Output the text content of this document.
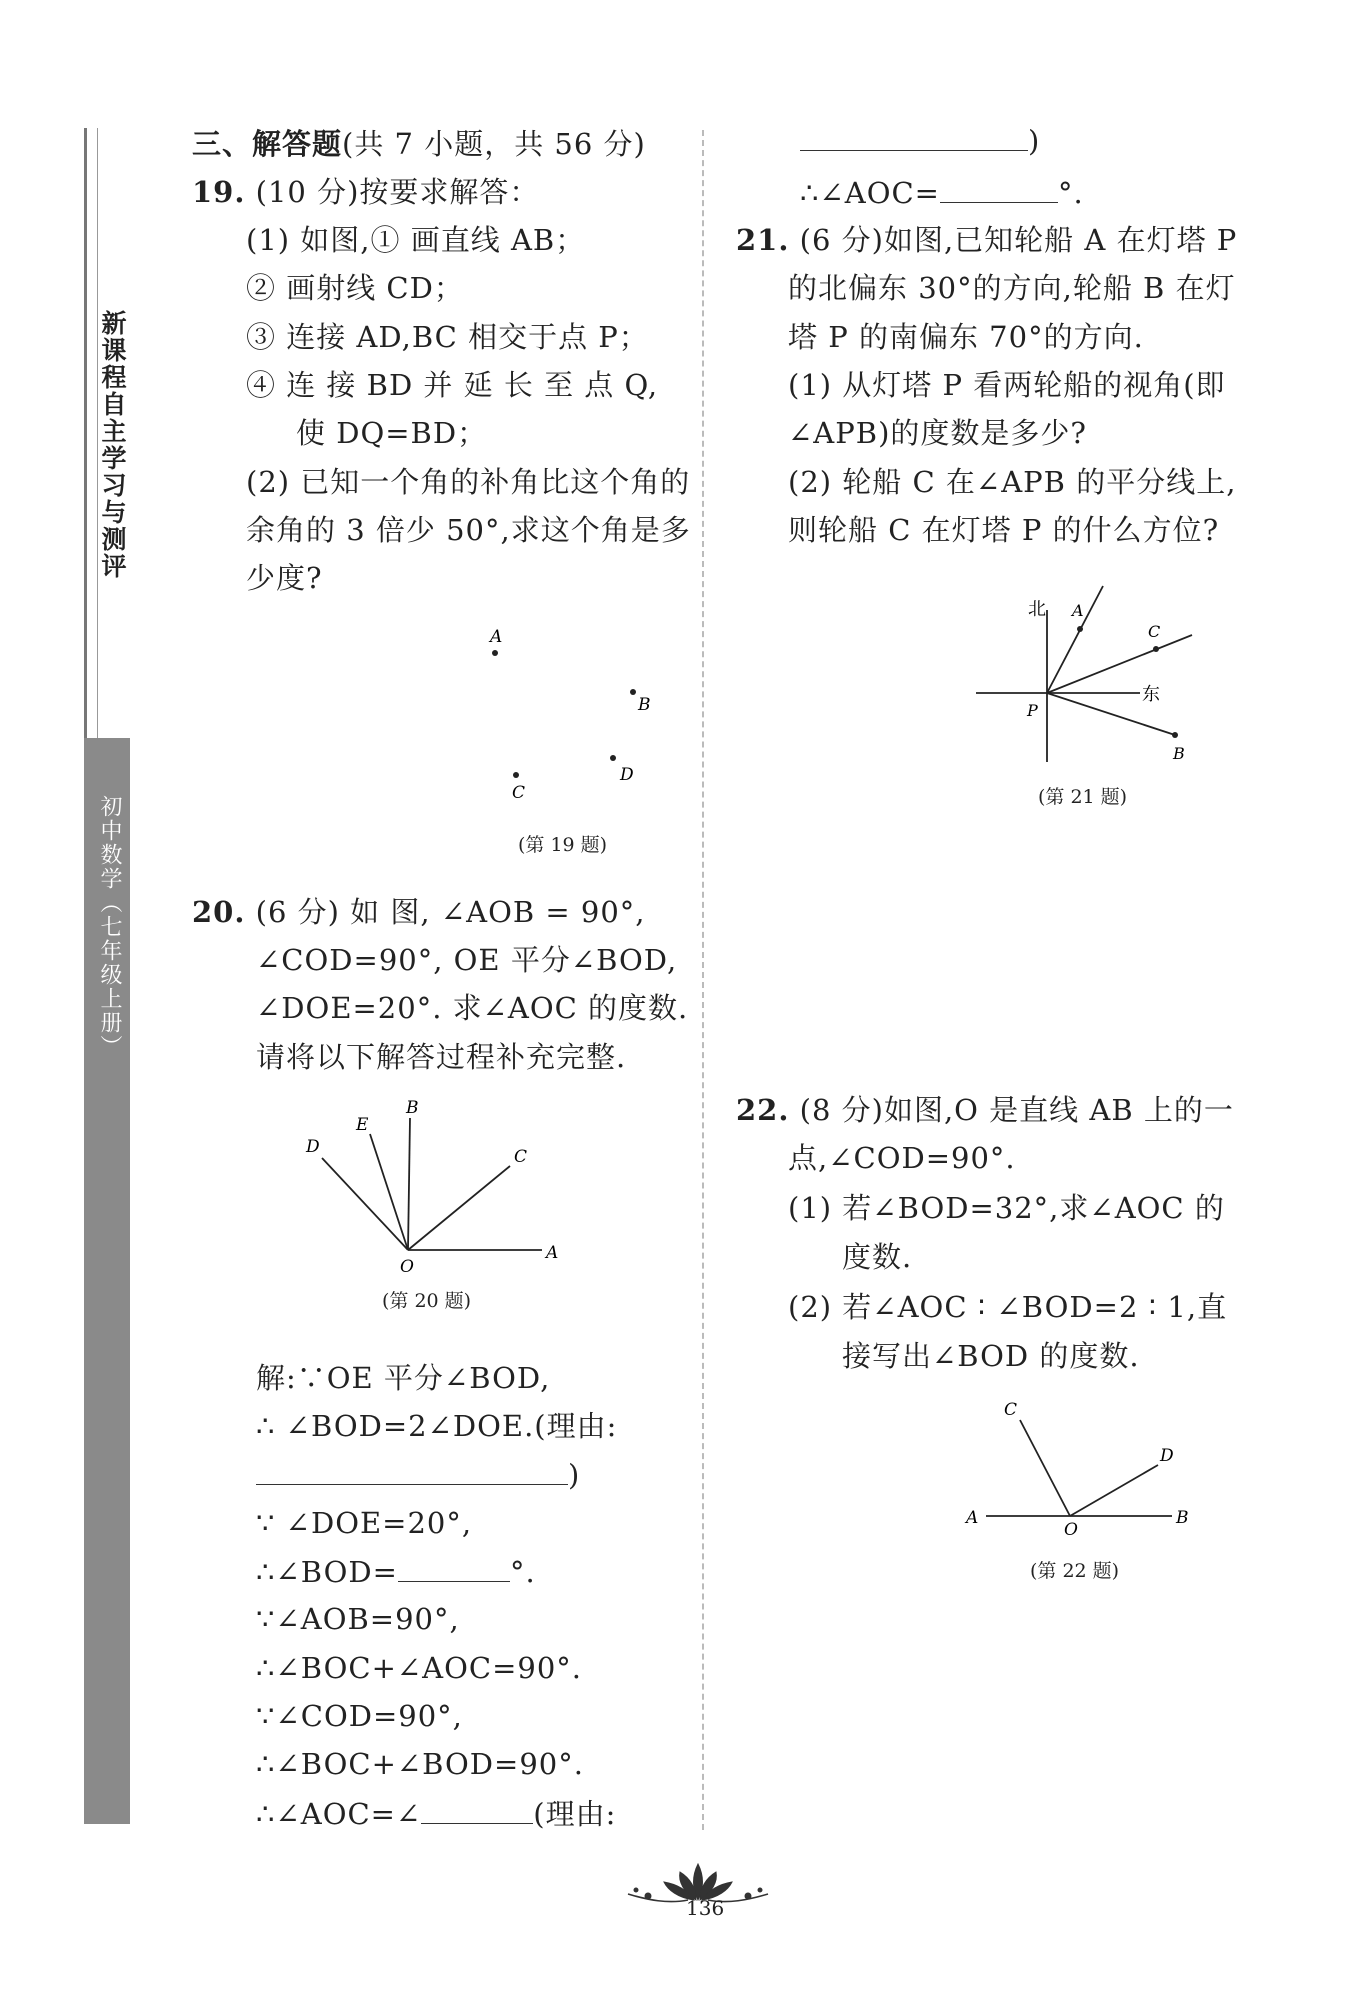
新课程自主学习与测评
初中数学（七年级上册）
三、解答题(共 7 小题，共 56 分)
19. (10 分)按要求解答：
(1) 如图,① 画直线 AB；
② 画射线 CD；
③ 连接 AD,BC 相交于点 P；
④ 连 接 BD 并 延 长 至 点 Q,
使 DQ=BD；
(2) 已知一个角的补角比这个角的
余角的 3 倍少 50°,求这个角是多
少度?
A
B
C
D
(第 19 题)
20. (6 分) 如 图, ∠AOB = 90°,
∠COD=90°, OE 平分∠BOD,
∠DOE=20°. 求∠AOC 的度数.
请将以下解答过程补充完整.
A
B
C
D
E
O
(第 20 题)
解:∵OE 平分∠BOD,
∴ ∠BOD=2∠DOE.(理由:
)
∵ ∠DOE=20°,
∴∠BOD=	°.
∵∠AOB=90°,
∴∠BOC+∠AOC=90°.
∵∠COD=90°,
∴∠BOC+∠BOD=90°.
∴∠AOC=∠	(理由:
)
∴∠AOC=	°.
21. (6 分)如图,已知轮船 A 在灯塔 P
的北偏东 30°的方向,轮船 B 在灯
塔 P 的南偏东 70°的方向.
(1) 从灯塔 P 看两轮船的视角(即
∠APB)的度数是多少?
(2) 轮船 C 在∠APB 的平分线上,
则轮船 C 在灯塔 P 的什么方位?
北
东
A
C
B
P
(第 21 题)
22. (8 分)如图,O 是直线 AB 上的一
点,∠COD=90°.
(1) 若∠BOD=32°,求∠AOC 的
度数.
(2) 若∠AOC ∶ ∠BOD=2 ∶ 1,直
接写出∠BOD 的度数.
A	B
C
D
O
(第 22 题)
136
